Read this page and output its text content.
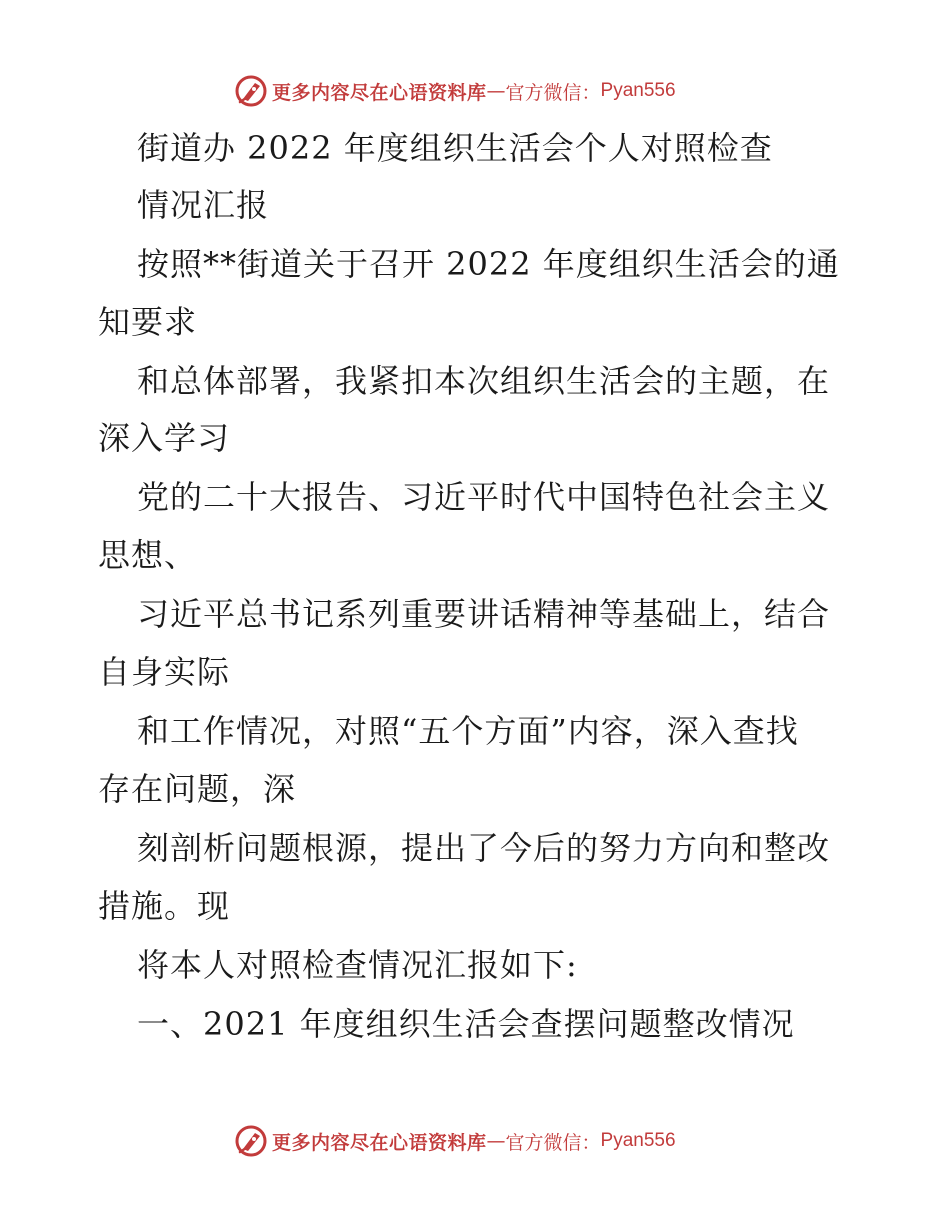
更多内容尽在心语资料库 — 官方微信： Pyan556
街道办 2022 年度组织生活会个人对照检查
情况汇报
按照**街道关于召开 2022 年度组织生活会的通
知要求
和总体部署，我紧扣本次组织生活会的主题，在
深入学习
党的二十大报告、习近平时代中国特色社会主义
思想、
习近平总书记系列重要讲话精神等基础上，结合
自身实际
和工作情况，对照“五个方面”内容，深入查找
存在问题，深
刻剖析问题根源，提出了今后的努力方向和整改
措施。现
将本人对照检查情况汇报如下:
一、2021 年度组织生活会查摆问题整改情况
更多内容尽在心语资料库 — 官方微信： Pyan556
